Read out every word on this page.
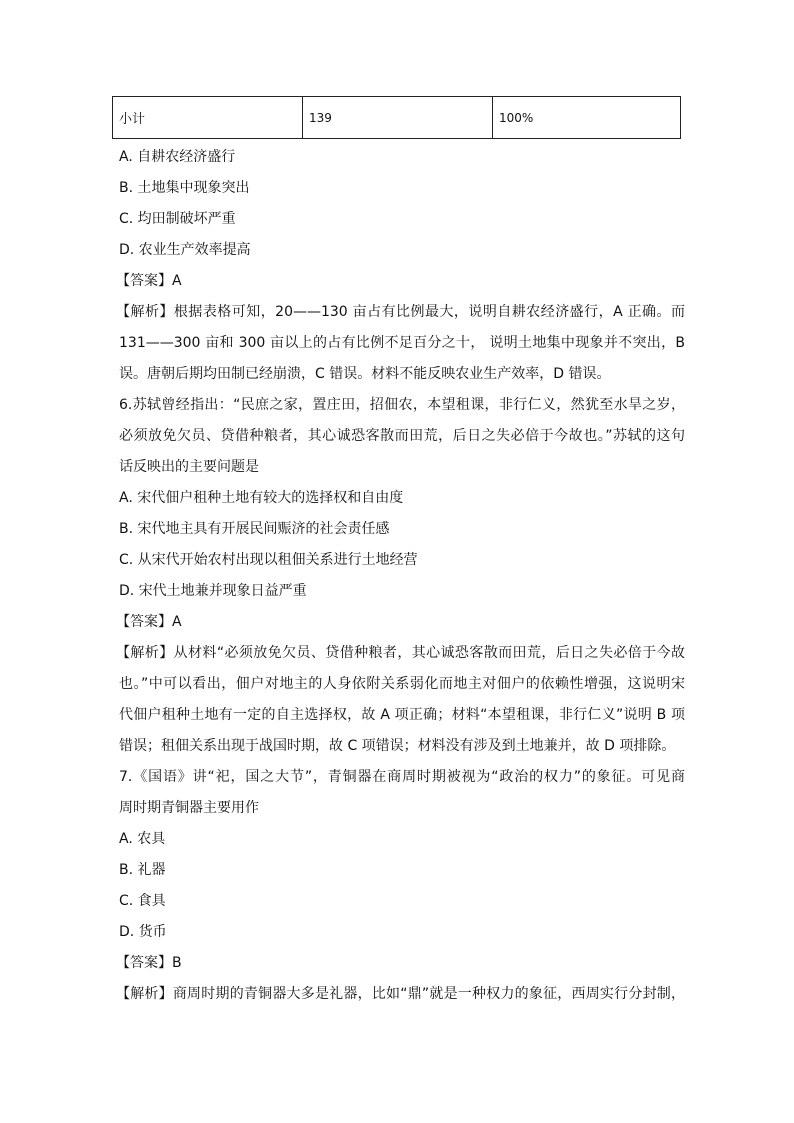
小计	139	100%
A. 自耕农经济盛行
B. 土地集中现象突出
C. 均田制破坏严重
D. 农业生产效率提高
【答案】A
【解析】根据表格可知，20——130 亩占有比例最大，说明自耕农经济盛行，A 正确。而
131——300 亩和 300 亩以上的占有比例不足百分之十， 说明土地集中现象并不突出，B
误。唐朝后期均田制已经崩溃，C 错误。材料不能反映农业生产效率，D 错误。
6.苏轼曾经指出：“民庶之家，置庄田，招佃农，本望租课，非行仁义，然犹至水旱之岁，
必须放免欠员、贷借种粮者，其心诚恐客散而田荒，后日之失必倍于今故也。”苏轼的这句
话反映出的主要问题是
A. 宋代佃户租种土地有较大的选择权和自由度
B. 宋代地主具有开展民间赈济的社会责任感
C. 从宋代开始农村出现以租佃关系进行土地经营
D. 宋代土地兼并现象日益严重
【答案】A
【解析】从材料“必须放免欠员、贷借种粮者，其心诚恐客散而田荒，后日之失必倍于今故
也。”中可以看出，佃户对地主的人身依附关系弱化而地主对佃户的依赖性增强，这说明宋
代佃户租种土地有一定的自主选择权，故 A 项正确；材料“本望租课，非行仁义”说明 B 项
错误；租佃关系出现于战国时期，故 C 项错误；材料没有涉及到土地兼并，故 D 项排除。
7.《国语》讲“祀，国之大节”，青铜器在商周时期被视为“政治的权力”的象征。可见商
周时期青铜器主要用作
A. 农具
B. 礼器
C. 食具
D. 货币
【答案】B
【解析】商周时期的青铜器大多是礼器，比如“鼎”就是一种权力的象征，西周实行分封制，
